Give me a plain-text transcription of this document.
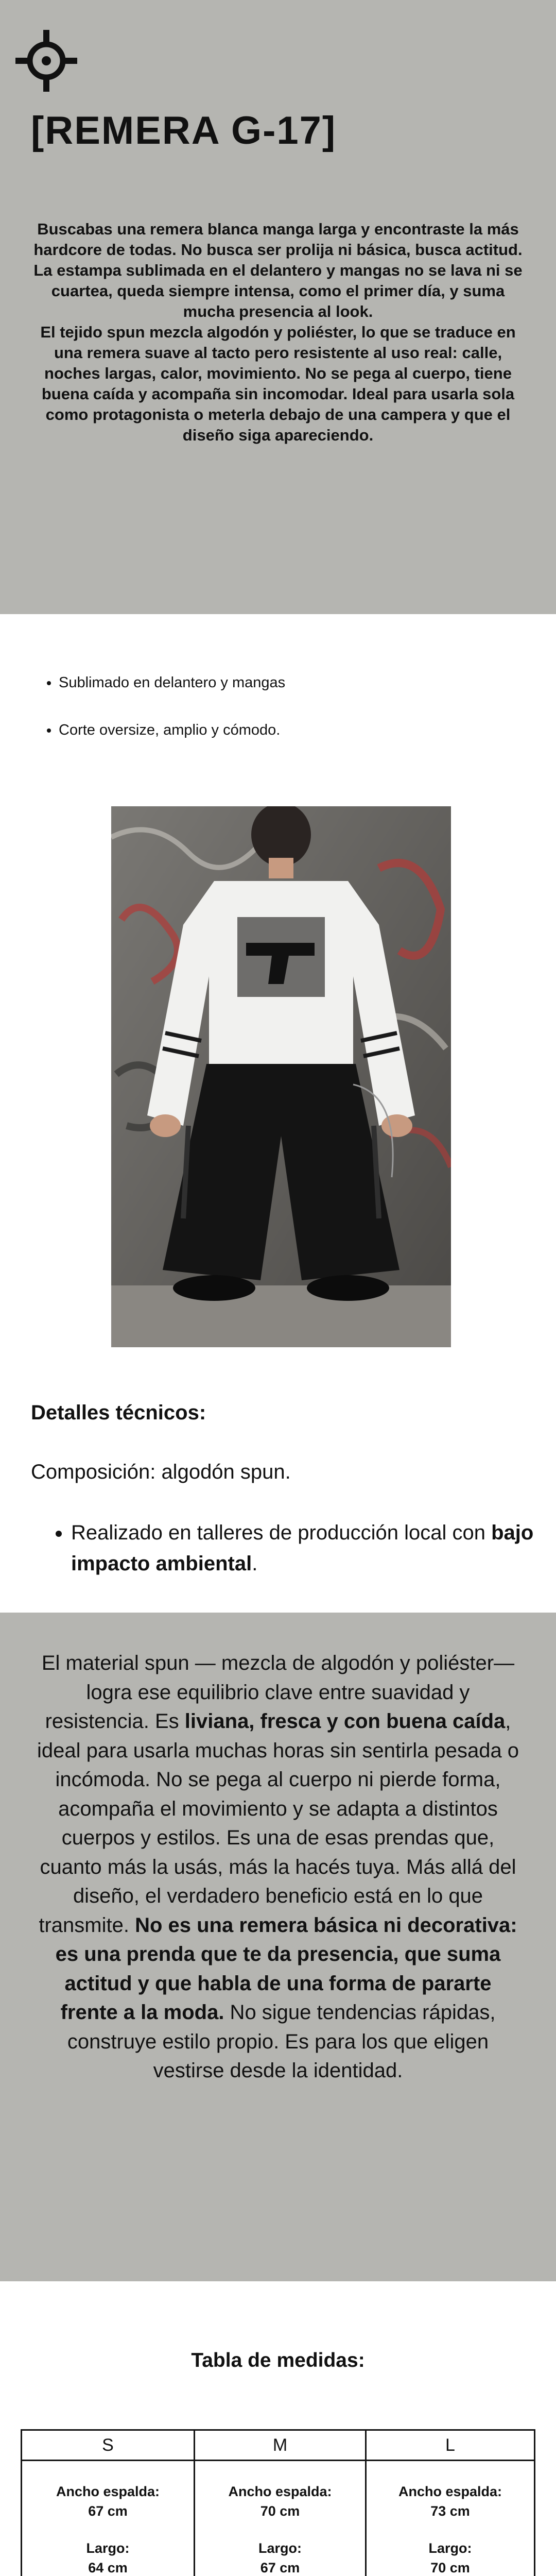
[REMERA G-17]

Buscabas una remera blanca manga larga y encontraste la más hardcore de todas. No busca ser prolija ni básica, busca actitud.

La estampa sublimada en el delantero y mangas no se lava ni se cuartea, queda siempre intensa, como el primer día, y suma mucha presencia al look.

El tejido spun mezcla algodón y poliéster, lo que se traduce en una remera suave al tacto pero resistente al uso real: calle, noches largas, calor, movimiento. No se pega al cuerpo, tiene buena caída y acompaña sin incomodar. Ideal para usarla sola como protagonista o meterla debajo de una campera y que el diseño siga apareciendo.

• Sublimado en delantero y mangas
• Corte oversize, amplio y cómodo.
Detalles técnicos:

Composición: algodón spun.

• Realizado en talleres de producción local con bajo impacto ambiental.

El material spun — mezcla de algodón y poliéster— logra ese equilibrio clave entre suavidad y resistencia. Es liviana, fresca y con buena caída, ideal para usarla muchas horas sin sentirla pesada o incómoda. No se pega al cuerpo ni pierde forma, acompaña el movimiento y se adapta a distintos cuerpos y estilos. Es una de esas prendas que, cuanto más la usás, más la hacés tuya. Más allá del diseño, el verdadero beneficio está en lo que transmite. No es una remera básica ni decorativa: es una prenda que te da presencia, que suma actitud y que habla de una forma de pararte frente a la moda. No sigue tendencias rápidas, construye estilo propio. Es para los que eligen vestirse desde la identidad.

Tabla de medidas:
S
Ancho espalda:
67 cm
Largo:
64 cm
M
Ancho espalda:
70 cm
Largo:
67 cm
L
Ancho espalda:
73 cm
Largo:
70 cm
